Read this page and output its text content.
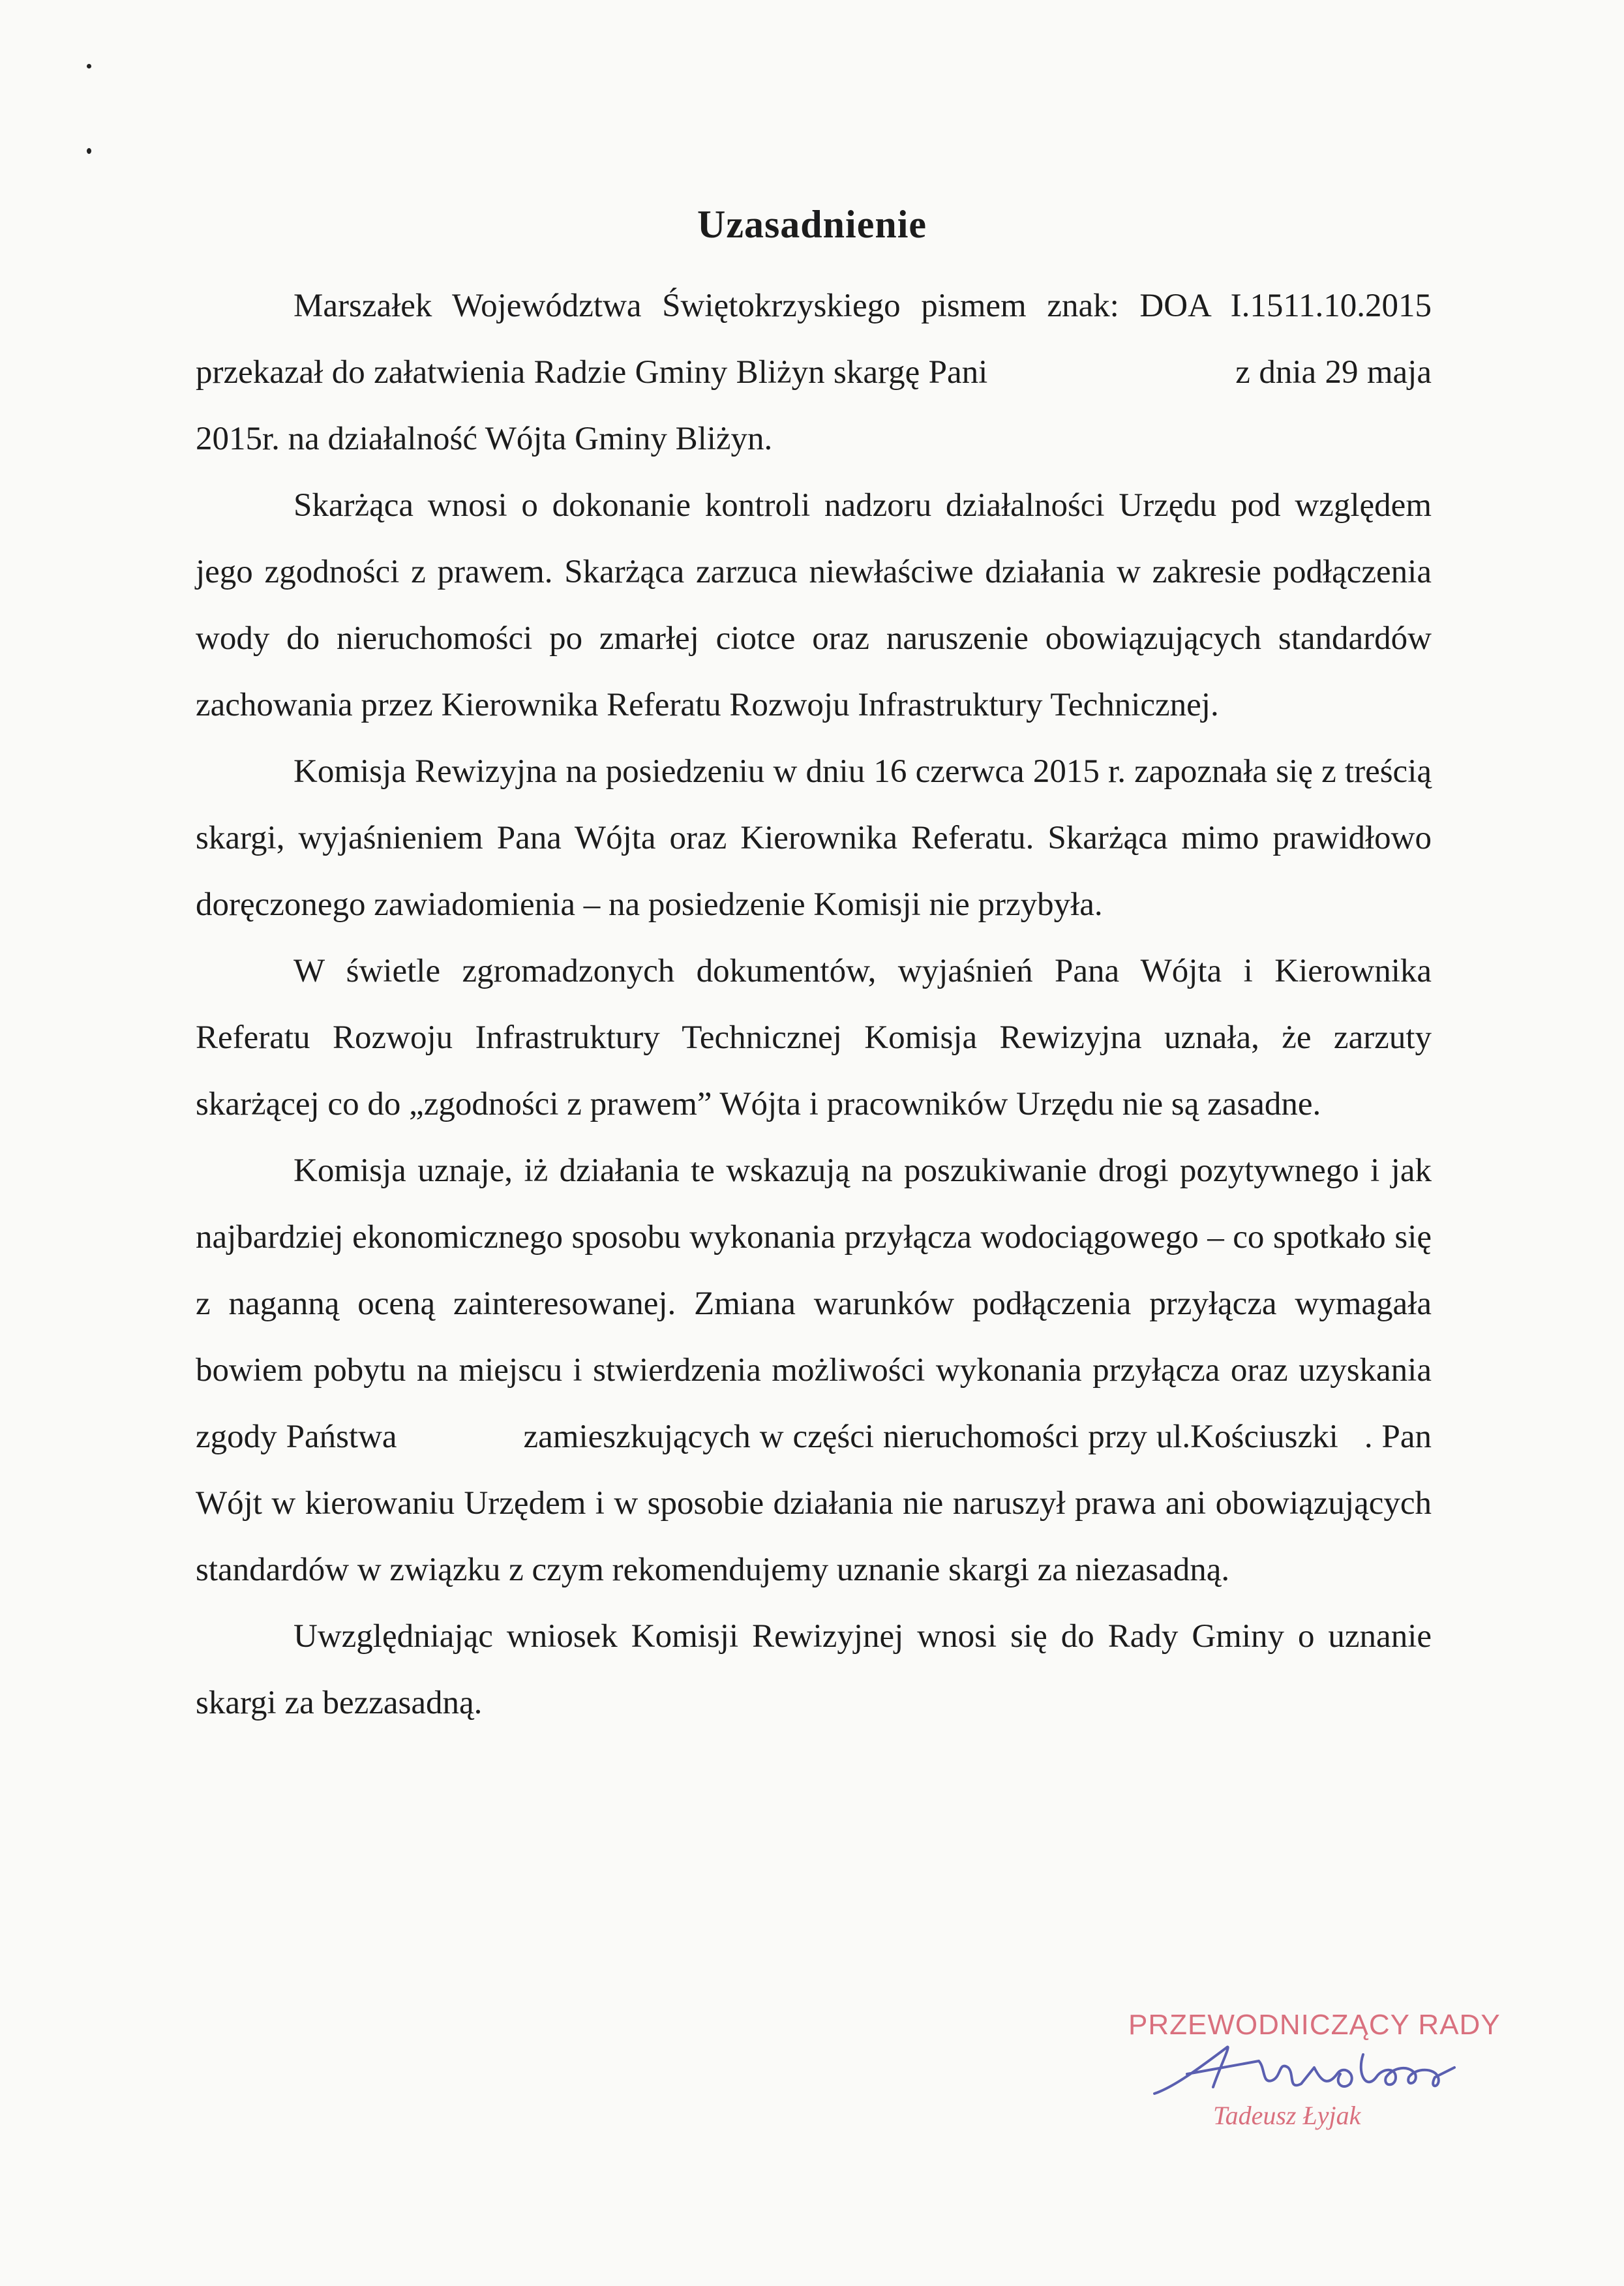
Uzasadnienie

Marszałek Województwa Świętokrzyskiego pismem znak: DOA I.1511.10.2015 przekazał do załatwienia Radzie Gminy Bliżyn skargę Pani	z dnia 29 maja 2015r. na działalność Wójta Gminy Bliżyn.

Skarżąca wnosi o dokonanie kontroli nadzoru działalności Urzędu pod względem jego zgodności z prawem. Skarżąca zarzuca niewłaściwe działania w zakresie podłączenia wody do nieruchomości po zmarłej ciotce oraz naruszenie obowiązujących standardów zachowania przez Kierownika Referatu Rozwoju Infrastruktury Technicznej.

Komisja Rewizyjna na posiedzeniu w dniu 16 czerwca 2015 r. zapoznała się z treścią skargi, wyjaśnieniem Pana Wójta oraz Kierownika Referatu. Skarżąca mimo prawidłowo doręczonego zawiadomienia – na posiedzenie Komisji nie przybyła.

W świetle zgromadzonych dokumentów, wyjaśnień Pana Wójta i Kierownika Referatu Rozwoju Infrastruktury Technicznej Komisja Rewizyjna uznała, że zarzuty skarżącej co do „zgodności z prawem” Wójta i pracowników Urzędu nie są zasadne.

Komisja uznaje, iż działania te wskazują na poszukiwanie drogi pozytywnego i jak najbardziej ekonomicznego sposobu wykonania przyłącza wodociągowego – co spotkało się z naganną oceną zainteresowanej. Zmiana warunków podłączenia przyłącza wymagała bowiem pobytu na miejscu i stwierdzenia możliwości wykonania przyłącza oraz uzyskania zgody Państwa	zamieszkujących w części nieruchomości przy ul.Kościuszki . Pan Wójt w kierowaniu Urzędem i w sposobie działania nie naruszył prawa ani obowiązujących standardów w związku z czym rekomendujemy uznanie skargi za niezasadną.

Uwzględniając wniosek Komisji Rewizyjnej wnosi się do Rady Gminy o uznanie skargi za bezzasadną.

PRZEWODNICZĄCY RADY
Tadeusz Łyjak
